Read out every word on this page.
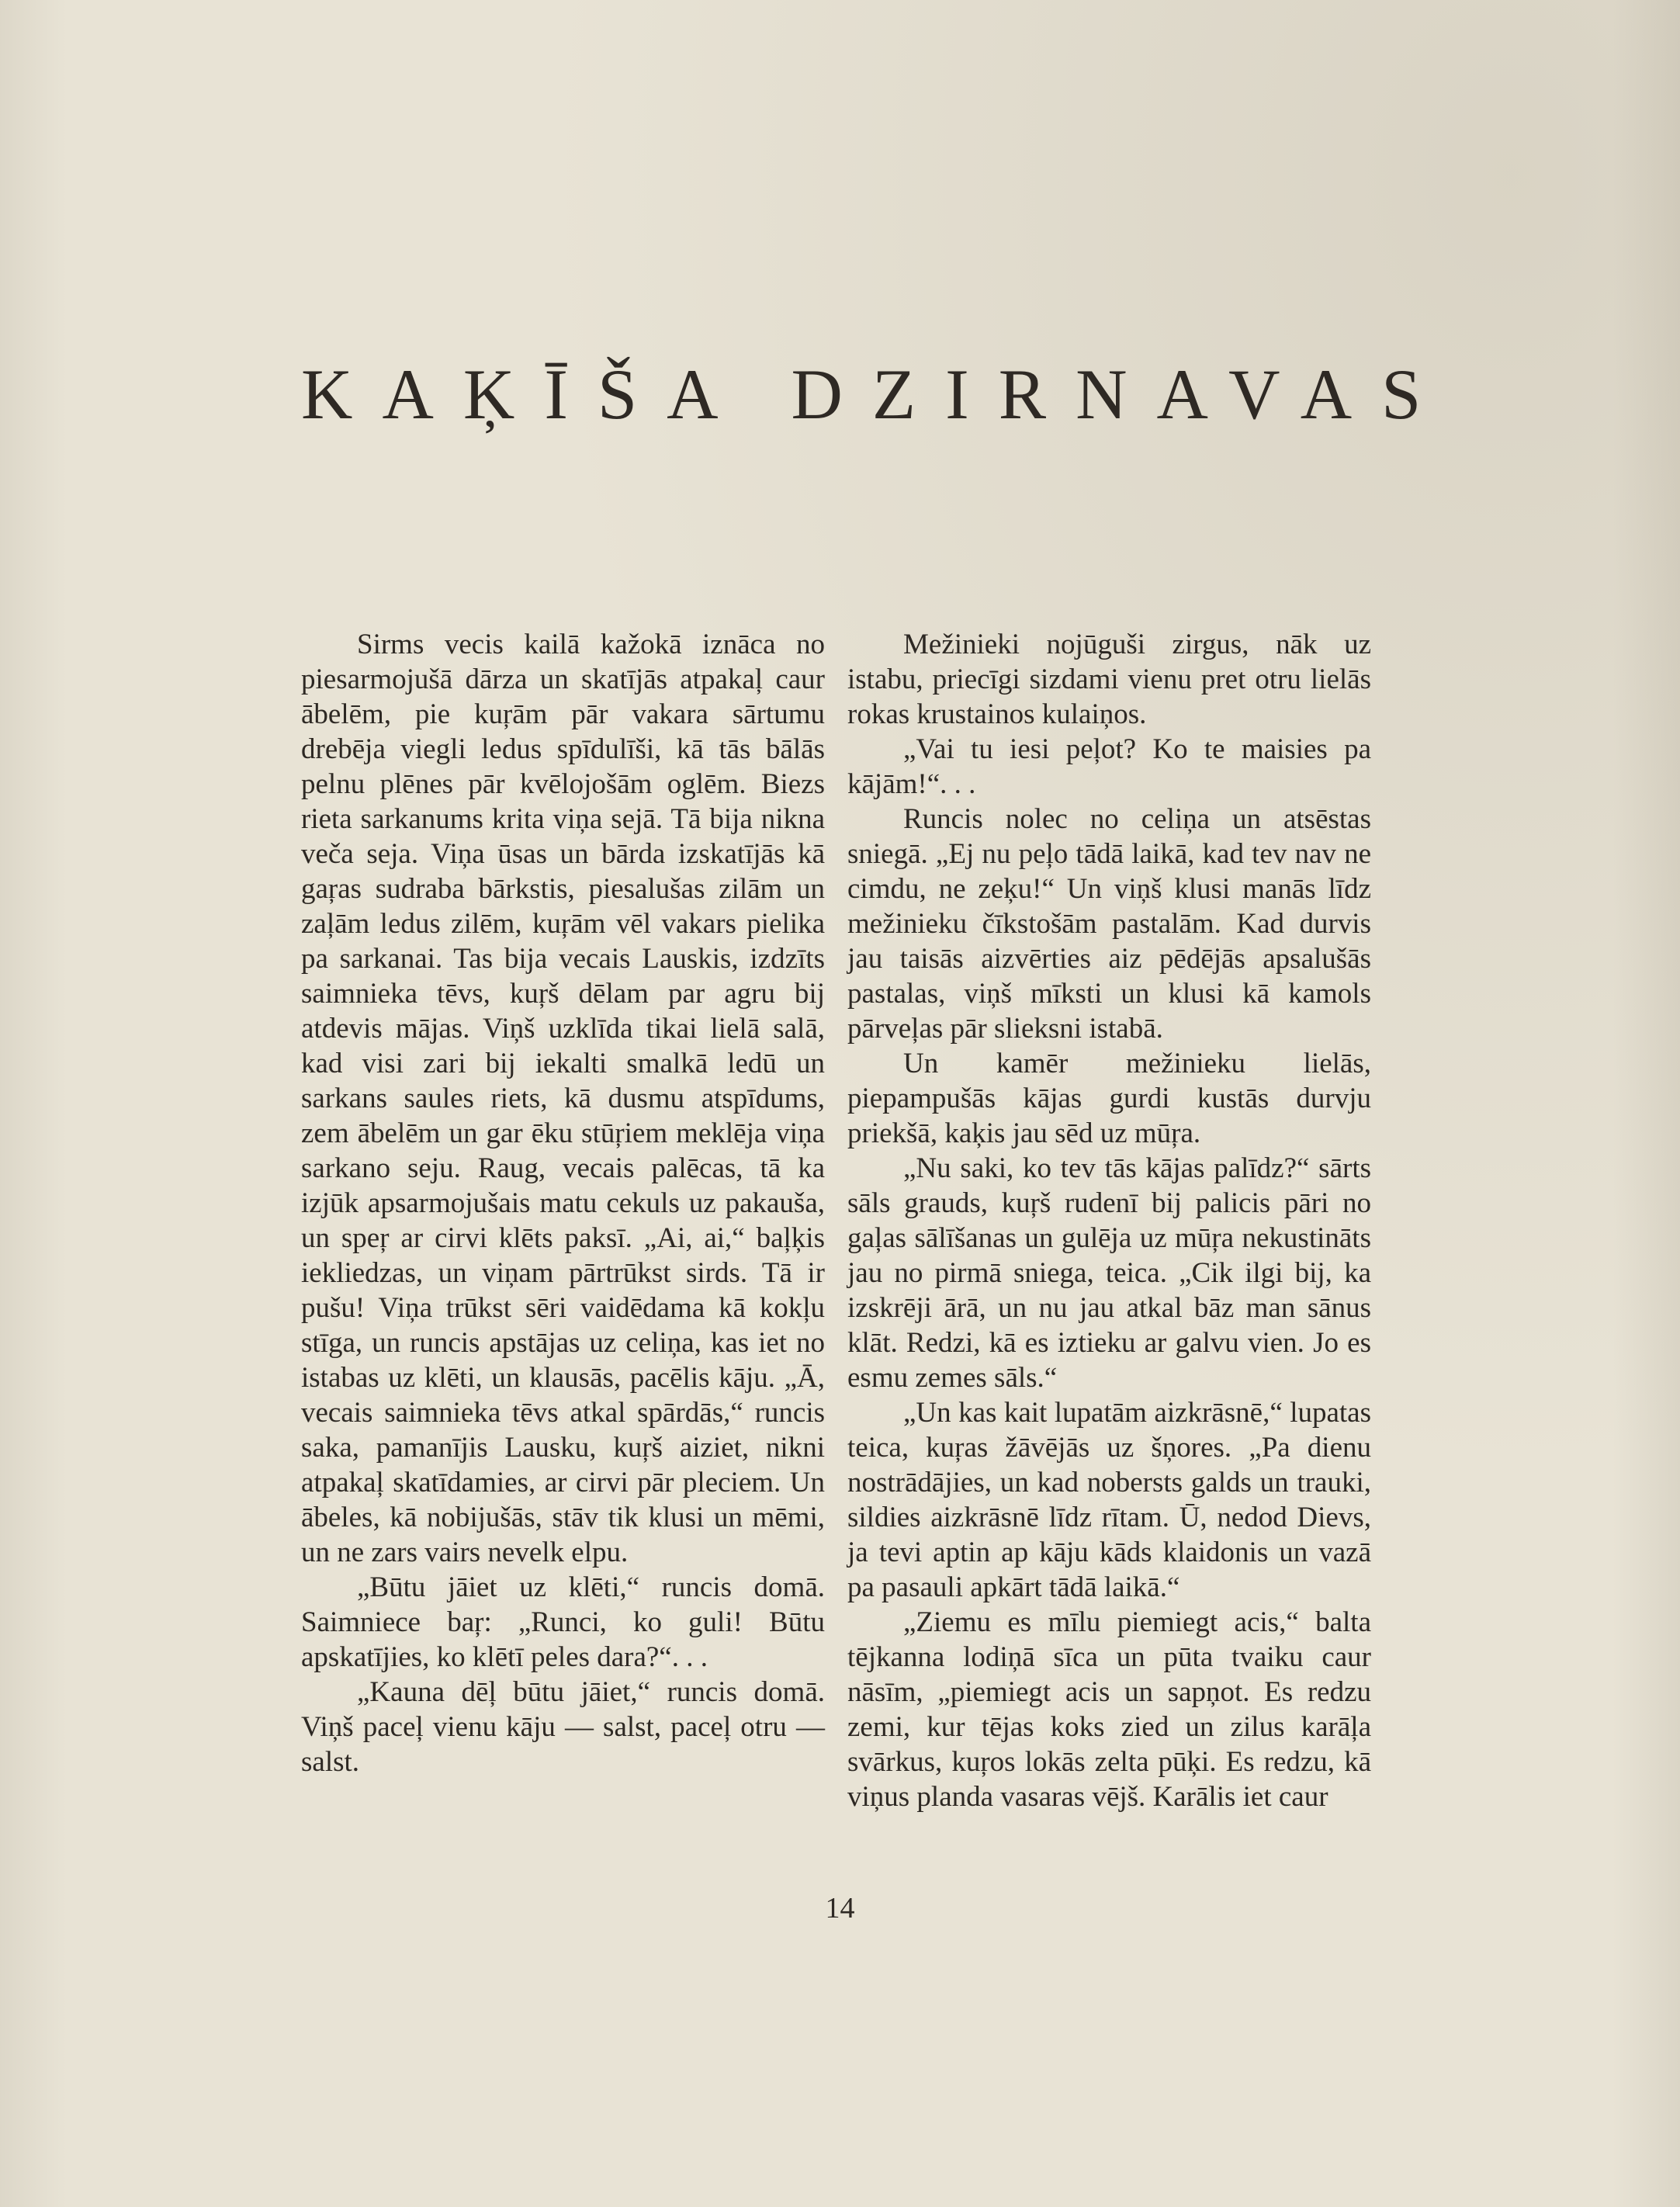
KAĶĪŠA DZIRNAVAS

Sirms vecis kailā kažokā iznāca no piesarmojušā dārza un skatījās atpakaļ caur ābelēm, pie kuŗām pār vakara sārtumu drebēja viegli ledus spīdulīši, kā tās bālās pelnu plēnes pār kvēlojošām oglēm. Biezs rieta sarkanums krita viņa sejā. Tā bija nikna veča seja. Viņa ūsas un bārda izskatījās kā gaŗas sudraba bārkstis, piesalušas zilām un zaļām ledus zilēm, kuŗām vēl vakars pielika pa sarkanai. Tas bija vecais Lauskis, izdzīts saimnieka tēvs, kuŗš dēlam par agru bij atdevis mājas. Viņš uzklīda tikai lielā salā, kad visi zari bij iekalti smalkā ledū un sarkans saules riets, kā dusmu atspīdums, zem ābelēm un gar ēku stūŗiem meklēja viņa sarkano seju. Raug, vecais palēcas, tā ka izjūk apsarmojušais matu cekuls uz pakauša, un speŗ ar cirvi klēts paksī. „Ai, ai,“ baļķis iekliedzas, un viņam pārtrūkst sirds. Tā ir pušu! Viņa trūkst sēri vaidēdama kā kokļu stīga, un runcis apstājas uz celiņa, kas iet no istabas uz klēti, un klausās, pacēlis kāju. „Ā, vecais saimnieka tēvs atkal spārdās,“ runcis saka, pamanījis Lausku, kuŗš aiziet, nikni atpakaļ skatīdamies, ar cirvi pār pleciem. Un ābeles, kā nobijušās, stāv tik klusi un mēmi, un ne zars vairs nevelk elpu.

„Būtu jāiet uz klēti,“ runcis domā. Saimniece baŗ: „Runci, ko guli! Būtu apskatījies, ko klētī peles dara?“. . .

„Kauna dēļ būtu jāiet,“ runcis domā. Viņš paceļ vienu kāju — salst, paceļ otru — salst.

Mežinieki nojūguši zirgus, nāk uz istabu, priecīgi sizdami vienu pret otru lielās rokas krustainos kulaiņos.

„Vai tu iesi peļot? Ko te maisies pa kājām!“. . .

Runcis nolec no celiņa un atsēstas sniegā. „Ej nu peļo tādā laikā, kad tev nav ne cimdu, ne zeķu!“ Un viņš klusi manās līdz mežinieku čīkstošām pastalām. Kad durvis jau taisās aizvērties aiz pēdējās apsalušās pastalas, viņš mīksti un klusi kā kamols pārveļas pār slieksni istabā.

Un kamēr mežinieku lielās, piepampušās kājas gurdi kustās durvju priekšā, kaķis jau sēd uz mūŗa.

„Nu saki, ko tev tās kājas palīdz?“ sārts sāls grauds, kuŗš rudenī bij palicis pāri no gaļas sālīšanas un gulēja uz mūŗa nekustināts jau no pirmā sniega, teica. „Cik ilgi bij, ka izskrēji ārā, un nu jau atkal bāz man sānus klāt. Redzi, kā es iztieku ar galvu vien. Jo es esmu zemes sāls.“

„Un kas kait lupatām aizkrāsnē,“ lupatas teica, kuŗas žāvējās uz šņores. „Pa dienu nostrādājies, un kad nobersts galds un trauki, sildies aizkrāsnē līdz rītam. Ū, nedod Dievs, ja tevi aptin ap kāju kāds klaidonis un vazā pa pasauli apkārt tādā laikā.“

„Ziemu es mīlu piemiegt acis,“ balta tējkanna lodiņā sīca un pūta tvaiku caur nāsīm, „piemiegt acis un sapņot. Es redzu zemi, kur tējas koks zied un zilus karāļa svārkus, kuŗos lokās zelta pūķi. Es redzu, kā viņus planda vasaras vējš. Karālis iet caur

14
